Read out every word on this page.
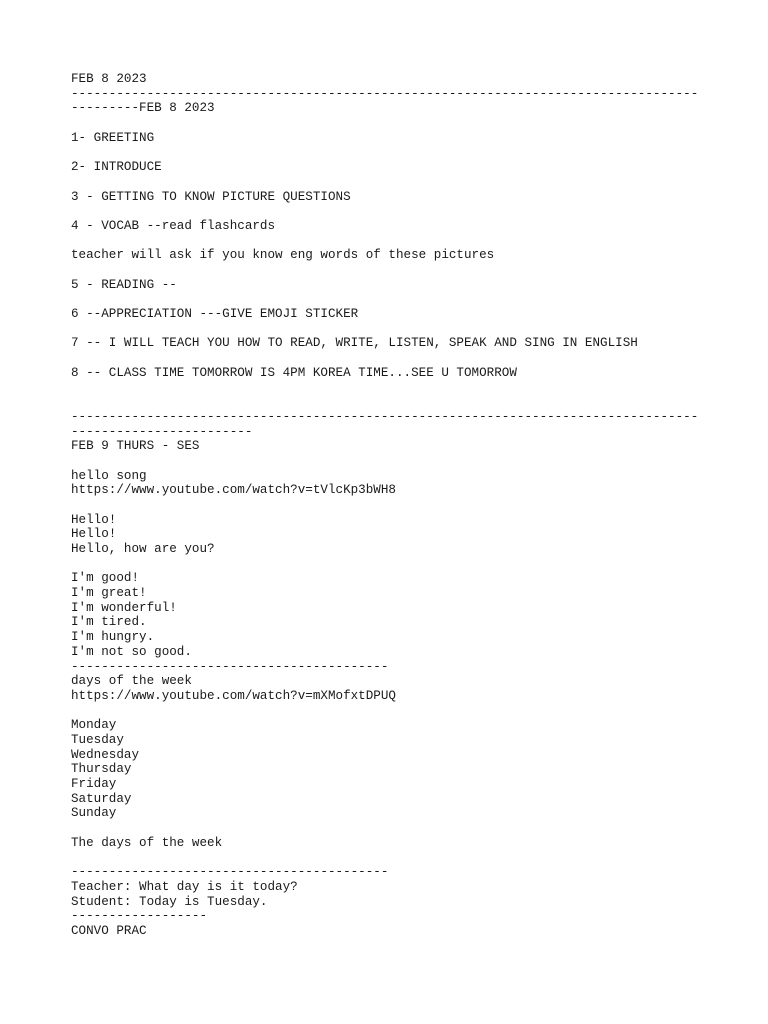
FEB 8 2023
-----------------------------------------------------------------------------------
---------FEB 8 2023
1- GREETING
2- INTRODUCE
3 - GETTING TO KNOW PICTURE QUESTIONS
4 - VOCAB --read flashcards
teacher will ask if you know eng words of these pictures
5 - READING --
6 --APPRECIATION ---GIVE EMOJI STICKER
7 -- I WILL TEACH YOU HOW TO READ, WRITE, LISTEN, SPEAK AND SING IN ENGLISH
8 -- CLASS TIME TOMORROW IS 4PM KOREA TIME...SEE U TOMORROW
-----------------------------------------------------------------------------------
------------------------
FEB 9 THURS - SES
hello song
https://www.youtube.com/watch?v=tVlcKp3bWH8
Hello!
Hello!
Hello, how are you?
I'm good!
I'm great!
I'm wonderful!
I'm tired.
I'm hungry.
I'm not so good.
------------------------------------------
days of the week
https://www.youtube.com/watch?v=mXMofxtDPUQ
Monday
Tuesday
Wednesday
Thursday
Friday
Saturday
Sunday
The days of the week
------------------------------------------
Teacher: What day is it today?
Student: Today is Tuesday.
------------------
CONVO PRAC
